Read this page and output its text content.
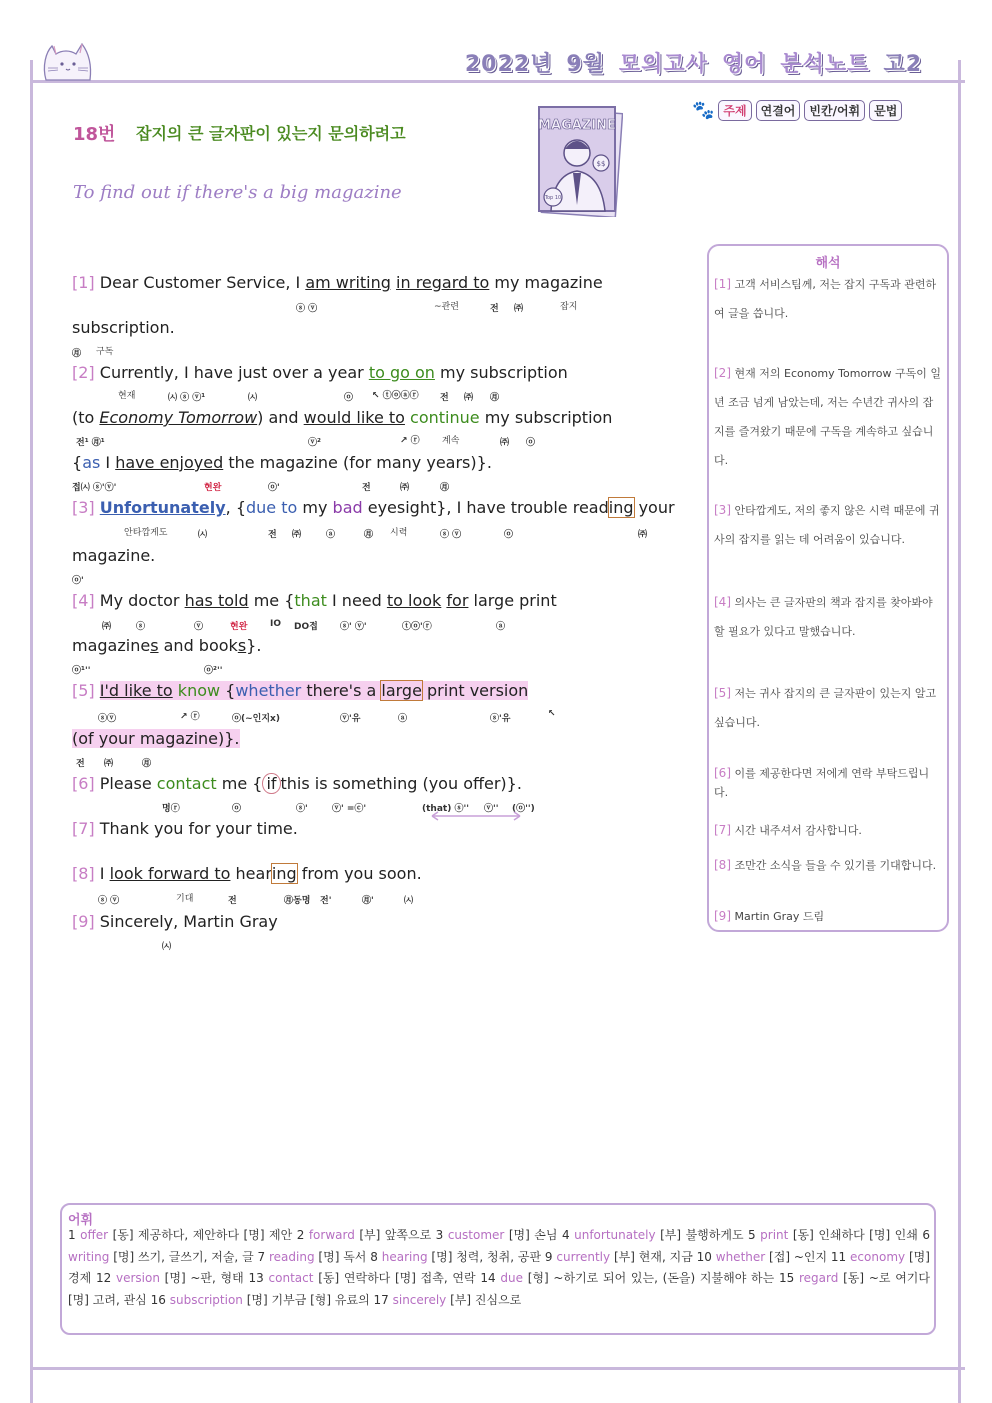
2022년 9월 모의고사 영어 분석노트 고2
🐾 주제	연결어	빈칸/어휘	문법
18번 잡지의 큰 글자판이 있는지 문의하려고
To find out if there's a big magazine
MAGAZINE
Top 10
$$
[1] Dear Customer Service, I am writing in regard to my magazine
ⓢ ⓥ	~관련	전 ㈜	잡지
subscription.
㊊ 구독
[2] Currently, I have just over a year to go on my subscription
현재	㈆ ⓢ ⓥ¹	㈆	ⓞ ↖ ⓣⓞⓐⓡ 전 ㈜ ㊊
(to Economy Tomorrow) and would like to continue my subscription
전¹ ㊊¹	ⓥ²	↗ ⓡ 계속	㈜ ⓞ
{as I have enjoyed the magazine (for many years)}.
접㈆ ⓢ'ⓥ'	현완	ⓞ'	전	㈜	㊊
[3] Unfortunately, {due to my bad eyesight}, I have trouble reading your
안타깝게도	㈆	전 ㈜	ⓐ	㊊ 시력	ⓢ ⓥ	ⓞ	㈜
magazine.
ⓞ'
[4] My doctor has told me {that I need to look for large print
㈜	ⓢ	ⓥ	현완	IO DO접 ⓢ' ⓥ'	ⓣⓞ'ⓡ	ⓐ
magazines and books}.
ⓞ¹''	ⓞ²''
[5] I'd like to know {whether there's a large print version
ⓢⓥ	↗ ⓡ	ⓞ(~인지x)	ⓥ'유	ⓐ	ⓢ'유	↖
(of your magazine)}.
전 ㈜	㊊
[6] Please contact me { if this is something (you offer)}.
명ⓡ	ⓞ	ⓢ'	ⓥ' =ⓒ'	(that) ⓢ'' ⓥ'' (ⓞ'')
[7] Thank you for your time.
[8] I look forward to hearing from you soon.
ⓢ ⓥ	기대	전	㊊동명 전'	㊊'	㈆
[9] Sincerely, Martin Gray
㈆
해석
[1] 고객 서비스팀께, 저는 잡지 구독과 관련하여 글을 씁니다.
[2] 현재 저의 Economy Tomorrow 구독이 일 년 조금 넘게 남았는데, 저는 수년간 귀사의 잡지를 즐겨왔기 때문에 구독을 계속하고 싶습니다.
[3] 안타깝게도, 저의 좋지 않은 시력 때문에 귀사의 잡지를 읽는 데 어려움이 있습니다.
[4] 의사는 큰 글자판의 책과 잡지를 찾아봐야 할 필요가 있다고 말했습니다.
[5] 저는 귀사 잡지의 큰 글자판이 있는지 알고 싶습니다.
[6] 이를 제공한다면 저에게 연락 부탁드립니다.
[7] 시간 내주셔서 감사합니다.
[8] 조만간 소식을 들을 수 있기를 기대합니다.
[9] Martin Gray 드림
어휘
1 offer [동] 제공하다, 제안하다 [명] 제안 2 forward [부] 앞쪽으로 3 customer [명] 손님 4 unfortunately [부] 불행하게도 5 print [동] 인쇄하다 [명] 인쇄 6 writing [명] 쓰기, 글쓰기, 저술, 글 7 reading [명] 독서 8 hearing [명] 청력, 청취, 공판 9 currently [부] 현재, 지금 10 whether [접] ~인지 11 economy [명] 경제 12 version [명] ~판, 형태 13 contact [동] 연락하다 [명] 접촉, 연락 14 due [형] ~하기로 되어 있는, (돈을) 지불해야 하는 15 regard [동] ~로 여기다 [명] 고려, 관심 16 subscription [명] 기부금 [형] 유료의 17 sincerely [부] 진심으로
